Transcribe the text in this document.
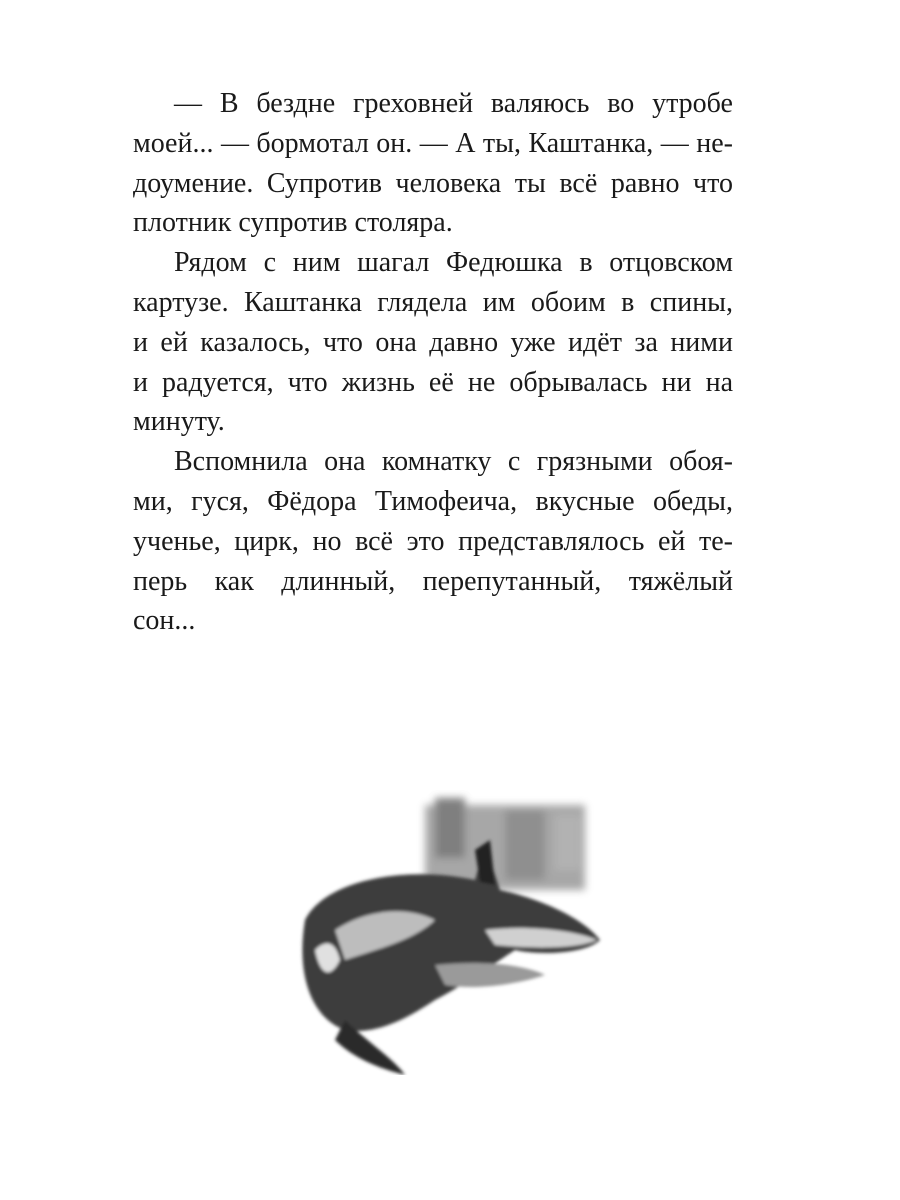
— В бездне греховней валяюсь во утробе
моей... — бормотал он. — А ты, Каштанка, — не-
доумение. Супротив человека ты всё равно что
плотник супротив столяра.
Рядом с ним шагал Федюшка в отцовском
картузе. Каштанка глядела им обоим в спины,
и ей казалось, что она давно уже идёт за ними
и радуется, что жизнь её не обрывалась ни на
минуту.
Вспомнила она комнатку с грязными обоя-
ми, гуся, Фёдора Тимофеича, вкусные обеды,
ученье, цирк, но всё это представлялось ей те-
перь как длинный, перепутанный, тяжёлый
сон...
